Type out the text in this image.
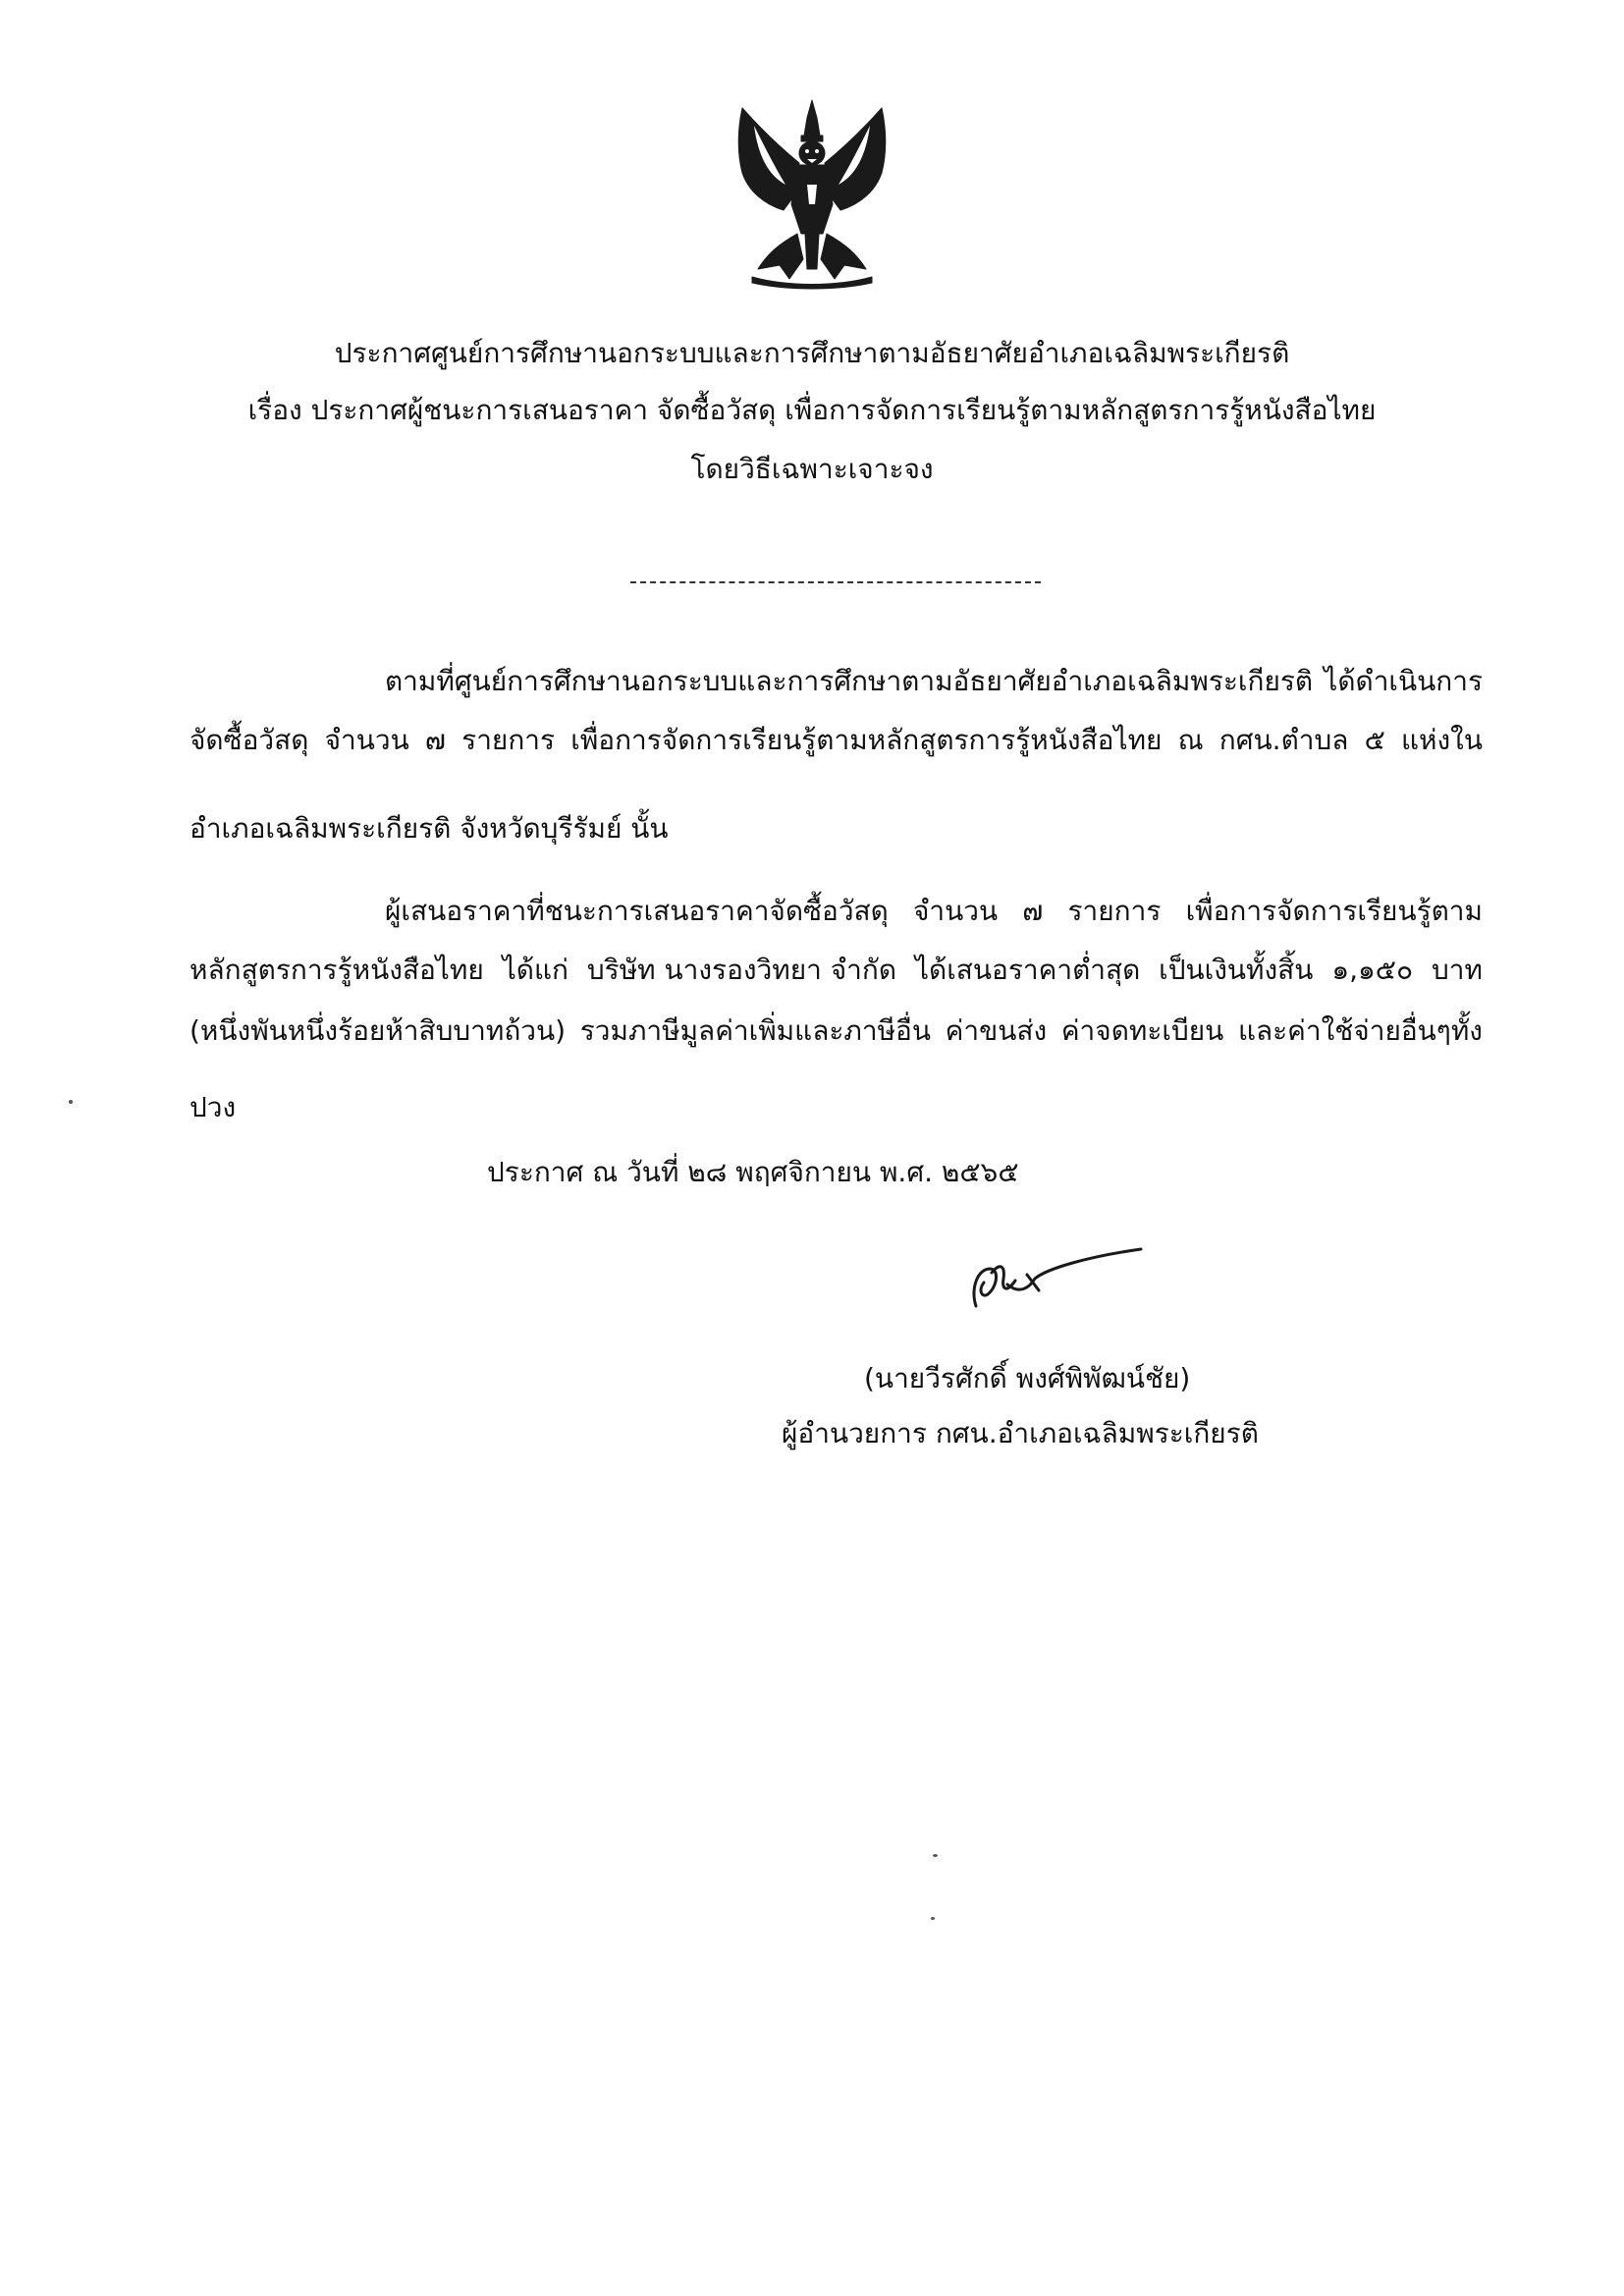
ประกาศศูนย์การศึกษานอกระบบและการศึกษาตามอัธยาศัยอำเภอเฉลิมพระเกียรติ
เรื่อง ประกาศผู้ชนะการเสนอราคา จัดซื้อวัสดุ เพื่อการจัดการเรียนรู้ตามหลักสูตรการรู้หนังสือไทย
โดยวิธีเฉพาะเจาะจง
ตามที่ศูนย์การศึกษานอกระบบและการศึกษาตามอัธยาศัยอำเภอเฉลิมพระเกียรติ ได้ดำเนินการ
จัดซื้อวัสดุ จำนวน ๗ รายการ เพื่อการจัดการเรียนรู้ตามหลักสูตรการรู้หนังสือไทย ณ กศน.ตำบล ๕ แห่งใน
อำเภอเฉลิมพระเกียรติ จังหวัดบุรีรัมย์ นั้น
ผู้เสนอราคาที่ชนะการเสนอราคาจัดซื้อวัสดุ จำนวน ๗ รายการ เพื่อการจัดการเรียนรู้ตาม
หลักสูตรการรู้หนังสือไทย ได้แก่ บริษัท นางรองวิทยา จำกัด ได้เสนอราคาต่ำสุด เป็นเงินทั้งสิ้น ๑,๑๕๐ บาท
(หนึ่งพันหนึ่งร้อยห้าสิบบาทถ้วน) รวมภาษีมูลค่าเพิ่มและภาษีอื่น ค่าขนส่ง ค่าจดทะเบียน และค่าใช้จ่ายอื่นๆทั้ง
ปวง
ประกาศ ณ วันที่ ๒๘ พฤศจิกายน พ.ศ. ๒๕๖๕
(นายวีรศักดิ์ พงศ์พิพัฒน์ชัย)
ผู้อำนวยการ กศน.อำเภอเฉลิมพระเกียรติ
